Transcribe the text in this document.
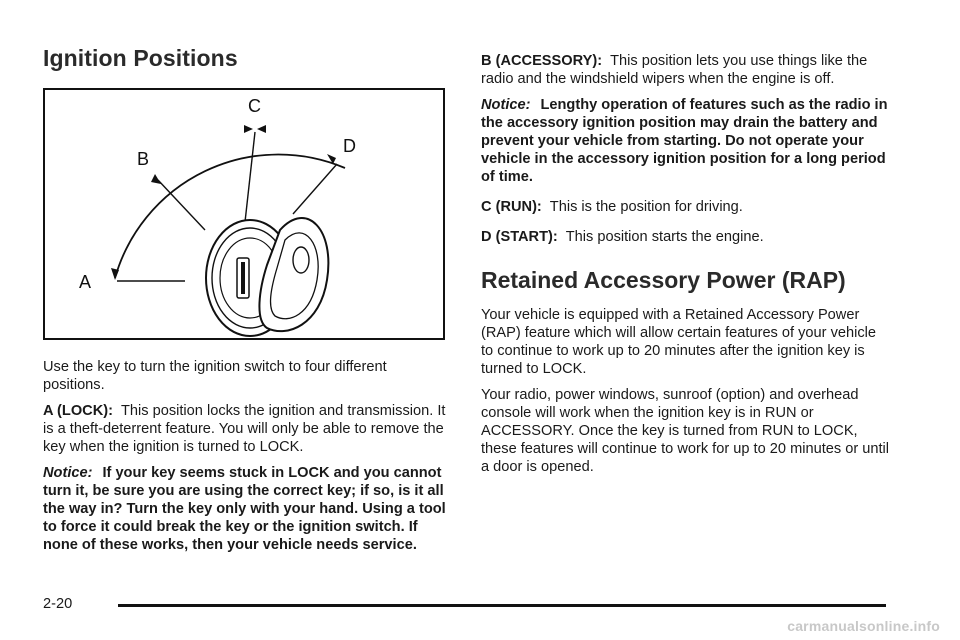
Ignition Positions
A
B
C
D

Use the key to turn the ignition switch to four different positions.

A (LOCK): This position locks the ignition and transmission. It is a theft-deterrent feature. You will only be able to remove the key when the ignition is turned to LOCK.

Notice: If your key seems stuck in LOCK and you cannot turn it, be sure you are using the correct key; if so, is it all the way in? Turn the key only with your hand. Using a tool to force it could break the key or the ignition switch. If none of these works, then your vehicle needs service.

B (ACCESSORY): This position lets you use things like the radio and the windshield wipers when the engine is off.

Notice: Lengthy operation of features such as the radio in the accessory ignition position may drain the battery and prevent your vehicle from starting. Do not operate your vehicle in the accessory ignition position for a long period of time.

C (RUN): This is the position for driving.

D (START): This position starts the engine.

Retained Accessory Power (RAP)

Your vehicle is equipped with a Retained Accessory Power (RAP) feature which will allow certain features of your vehicle to continue to work up to 20 minutes after the ignition key is turned to LOCK.

Your radio, power windows, sunroof (option) and overhead console will work when the ignition key is in RUN or ACCESSORY. Once the key is turned from RUN to LOCK, these features will continue to work for up to 20 minutes or until a door is opened.

2-20
carmanualsonline.info
